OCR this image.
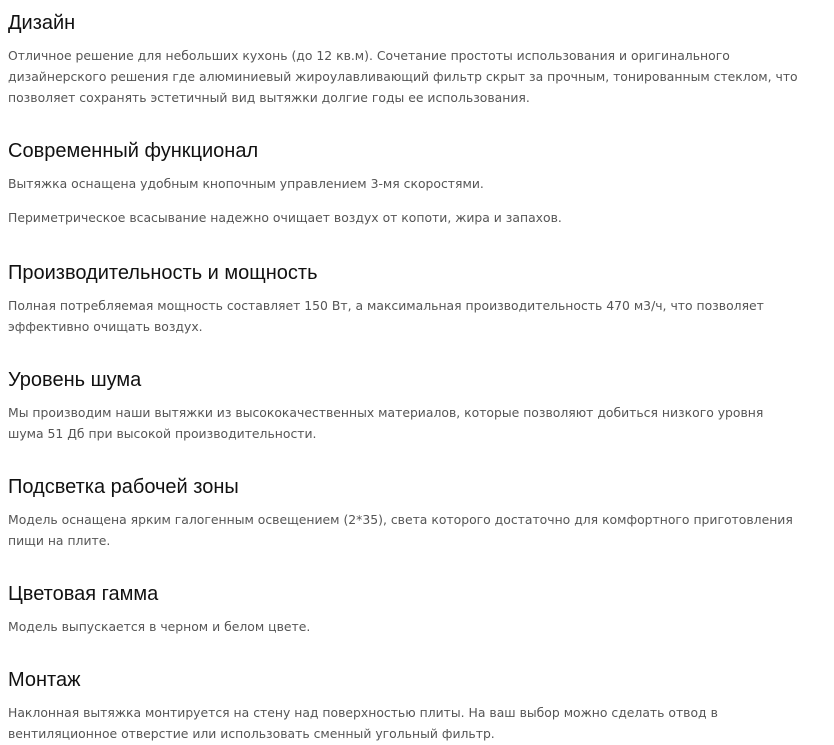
Дизайн

Отличное решение для небольших кухонь (до 12 кв.м). Сочетание простоты использования и оригинального дизайнерского решения где алюминиевый жироулавливающий фильтр скрыт за прочным, тонированным стеклом, что позволяет сохранять эстетичный вид вытяжки долгие годы ее использования.

Современный функционал

Вытяжка оснащена удобным кнопочным управлением 3-мя скоростями.

Периметрическое всасывание надежно очищает воздух от копоти, жира и запахов.

Производительность и мощность

Полная потребляемая мощность составляет 150 Вт, а максимальная производительность 470 м3/ч, что позволяет эффективно очищать воздух.

Уровень шума

Мы производим наши вытяжки из высококачественных материалов, которые позволяют добиться низкого уровня шума 51 Дб при высокой производительности.

Подсветка рабочей зоны

Модель оснащена ярким галогенным освещением (2*35), света которого достаточно для комфортного приготовления пищи на плите.

Цветовая гамма

Модель выпускается в черном и белом цвете.

Монтаж

Наклонная вытяжка монтируется на стену над поверхностью плиты. На ваш выбор можно сделать отвод в вентиляционное отверстие или использовать сменный угольный фильтр.
